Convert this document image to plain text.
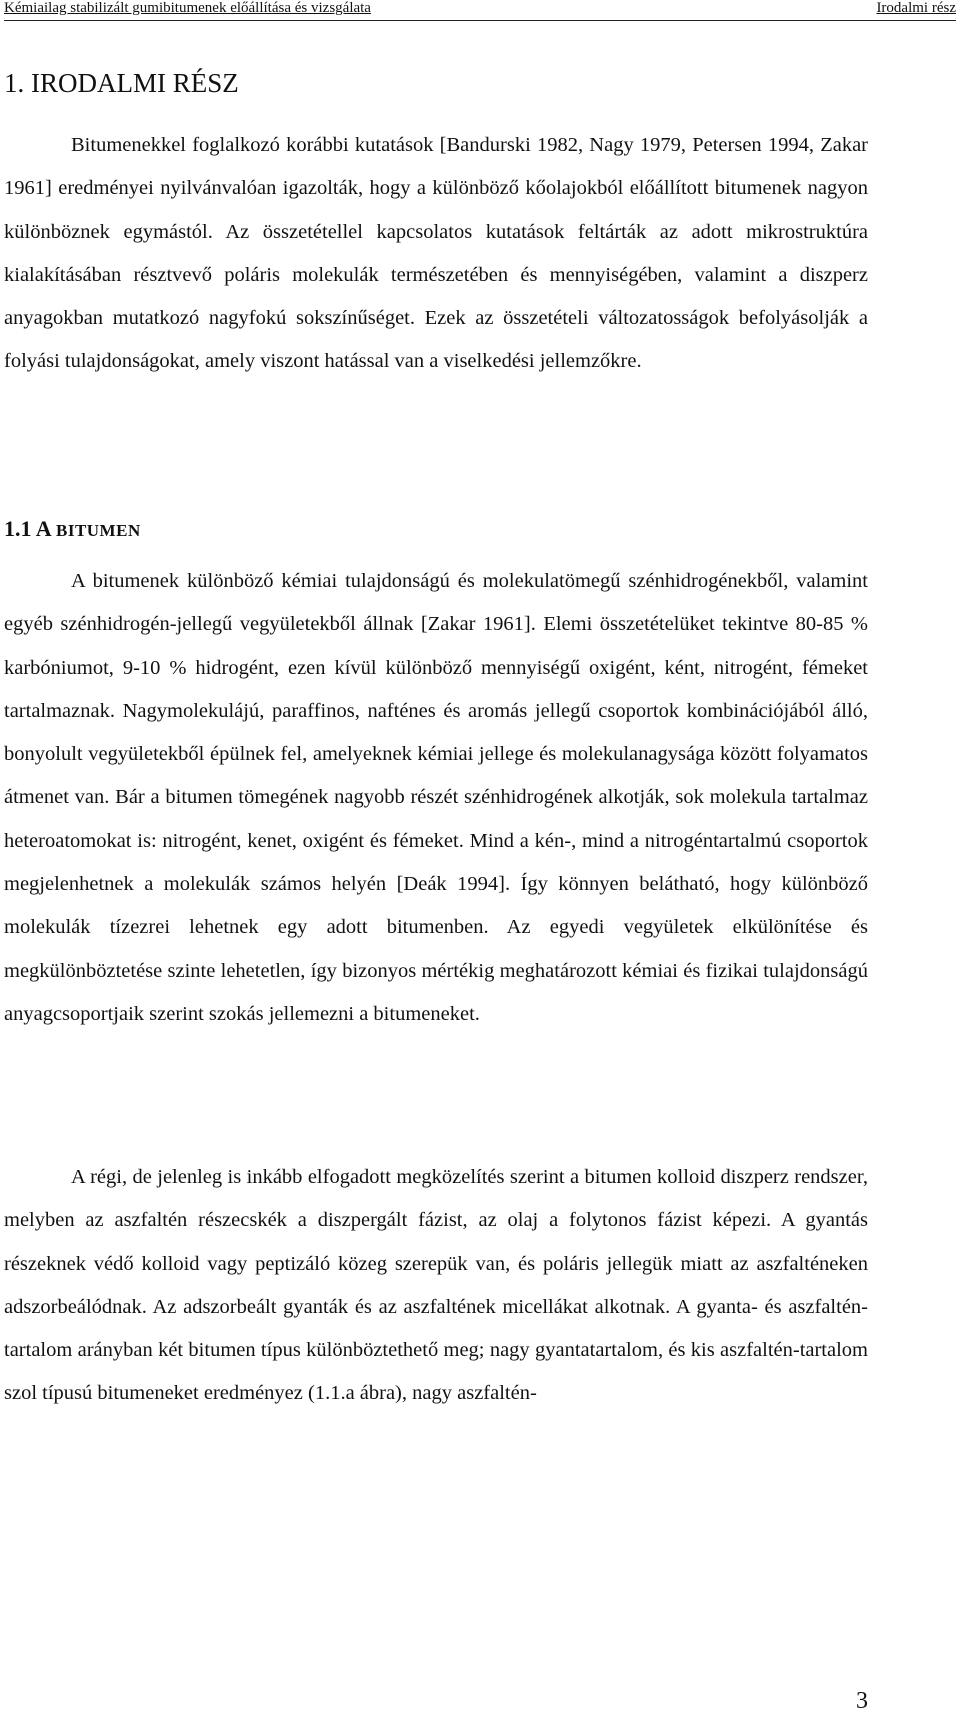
Kémiailag stabilizált gumibitumenek előállítása és vizsgálata	Irodalmi rész
1. IRODALMI RÉSZ

Bitumenekkel foglalkozó korábbi kutatások [Bandurski 1982, Nagy 1979, Petersen 1994, Zakar 1961] eredményei nyilvánvalóan igazolták, hogy a különböző kőolajokból előállított bitumenek nagyon különböznek egymástól. Az összetétellel kapcsolatos kutatások feltárták az adott mikrostruktúra kialakításában résztvevő poláris molekulák természetében és mennyiségében, valamint a diszperz anyagokban mutatkozó nagyfokú sokszínűséget. Ezek az összetételi változatosságok befolyásolják a folyási tulajdonságokat, amely viszont hatással van a viselkedési jellemzőkre.

1.1 A BITUMEN

A bitumenek különböző kémiai tulajdonságú és molekulatömegű szénhidrogénekből, valamint egyéb szénhidrogén-jellegű vegyületekből állnak [Zakar 1961]. Elemi összetételüket tekintve 80-85 % karbóniumot, 9-10 % hidrogént, ezen kívül különböző mennyiségű oxigént, ként, nitrogént, fémeket tartalmaznak. Nagymolekulájú, paraffinos, nafténes és aromás jellegű csoportok kombinációjából álló, bonyolult vegyületekből épülnek fel, amelyeknek kémiai jellege és molekulanagysága között folyamatos átmenet van. Bár a bitumen tömegének nagyobb részét szénhidrogének alkotják, sok molekula tartalmaz heteroatomokat is: nitrogént, kenet, oxigént és fémeket. Mind a kén-, mind a nitrogéntartalmú csoportok megjelenhetnek a molekulák számos helyén [Deák 1994]. Így könnyen belátható, hogy különböző molekulák tízezrei lehetnek egy adott bitumenben. Az egyedi vegyületek elkülönítése és megkülönböztetése szinte lehetetlen, így bizonyos mértékig meghatározott kémiai és fizikai tulajdonságú anyagcsoportjaik szerint szokás jellemezni a bitumeneket.

A régi, de jelenleg is inkább elfogadott megközelítés szerint a bitumen kolloid diszperz rendszer, melyben az aszfaltén részecskék a diszpergált fázist, az olaj a folytonos fázist képezi. A gyantás részeknek védő kolloid vagy peptizáló közeg szerepük van, és poláris jellegük miatt az aszfalténeken adszorbeálódnak. Az adszorbeált gyanták és az aszfaltének micellákat alkotnak. A gyanta- és aszfaltén-tartalom arányban két bitumen típus különböztethető meg; nagy gyantatartalom, és kis aszfaltén-tartalom szol típusú bitumeneket eredményez (1.1.a ábra), nagy aszfaltén-

3
